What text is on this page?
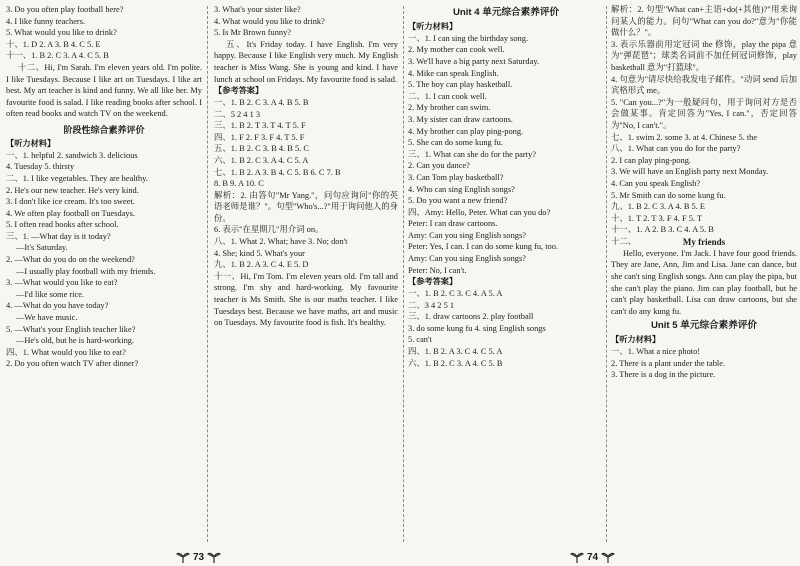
3. Do you often play football here?
4. I like funny teachers.
5. What would you like to drink?
十、1. D 2. A 3. B 4. C 5. E
十一、1. B 2. C 3. A 4. C 5. B

十二、Hi, I'm Sarah. I'm eleven years old. I'm polite. I like Tuesdays. Because I like art on Tuesdays. I like art best. My art teacher is kind and funny. We all like her. My favourite food is salad. I like reading books after school. I often read books and watch TV on the weekend.

阶段性综合素养评价
【听力材料】
一、1. helpful 2. sandwich 3. delicious
4. Tuesday 5. thirsty
二、1. I like vegetables. They are healthy.
2. He's our new teacher. He's very kind.
3. I don't like ice cream. It's too sweet.
4. We often play football on Tuesdays.
5. I often read books after school.
三、1. —What day is it today?
—It's Saturday.
2. —What do you do on the weekend?
—I usually play football with my friends.
3. —What would you like to eat?
—I'd like some rice.
4. —What do you have today?
—We have music.
5. —What's your English teacher like?
—He's old, but he is hard-working.
四、1. What would you like to eat?
2. Do you often watch TV after dinner?
3. What's your sister like?
4. What would you like to drink?
5. Is Mr Brown funny?

五、It's Friday today. I have English. I'm very happy. Because I like English very much. My English teacher is Miss Wang. She is young and kind. I have lunch at school on Fridays. My favourite food is salad.

【参考答案】
一、1. B 2. C 3. A 4. B 5. B
二、5 2 4 1 3
三、1. B 2. T 3. T 4. T 5. F
四、1. F 2. F 3. F 4. T 5. F
五、1. B 2. C 3. B 4. B 5. C
六、1. B 2. C 3. A 4. C 5. A
七、1. B 2. A 3. B 4. C 5. B 6. C 7. B
8. B 9. A 10. C

解析：2. 由答句"Mr Yang."，问句应询问"你的英语老师是谁？"。句型"Who's...?"用于询问他人的身份。

6. 表示"在星期几"用介词 on。

八、1. What 2. What; have 3. No; don't
4. She; kind 5. What's your
九、1. B 2. A 3. C 4. E 5. D

十一、Hi, I'm Tom. I'm eleven years old. I'm tall and strong. I'm shy and hard-working. My favourite teacher is Ms Smith. She is our maths teacher. I like Tuesdays best. Because we have maths, art and music on Tuesdays. My favourite food is fish. It's healthy.

Unit 4 单元综合素养评价
【听力材料】
一、1. I can sing the birthday song.
2. My mother can cook well.
3. We'll have a big party next Saturday.
4. Mike can speak English.
5. The boy can play basketball.
二、1. I can cook well.
2. My brother can swim.
3. My sister can draw cartoons.
4. My brother can play ping-pong.
5. She can do some kung fu.
三、1. What can she do for the party?
2. Can you dance?
3. Can Tom play basketball?
4. Who can sing English songs?
5. Do you want a new friend?
四、Amy: Hello, Peter. What can you do?
Peter: I can draw cartoons.
Amy: Can you sing English songs?
Peter: Yes, I can. I can do some kung fu, too.
Amy: Can you sing English songs?
Peter: No, I can't.
【参考答案】
一、1. B 2. C 3. C 4. A 5. A
二、3 4 2 5 1
三、1. draw cartoons 2. play football
3. do some kung fu 4. sing English songs
5. can't
四、1. B 2. A 3. C 4. C 5. A
六、1. B 2. C 3. A 4. C 5. B

解析：2. 句型"What can+主语+do(+其他)?"用来询问某人的能力。问句"What can you do?"意为"你能做什么？"。

3. 表示乐器前用定冠词 the 修饰，play the pipa 意为"弹琵琶"；球类名词前不加任何冠词修饰，play basketball 意为"打篮球"。

4. 句意为"请尽快给我发电子邮件。"动词 send 后加宾格形式 me。

5. "Can you...?"为一般疑问句，用于询问对方是否会做某事。肯定回答为"Yes, I can."，否定回答为"No, I can't."。

七、1. swim 2. some 3. at 4. Chinese 5. the
八、1. What can you do for the party?
2. I can play ping-pong.
3. We will have an English party next Monday.
4. Can you speak English?
5. Mr Smith can do some kung fu.
九、1. B 2. C 3. A 4. B 5. E
十、1. T 2. T 3. F 4. F 5. T
十一、1. A 2. B 3. C 4. A 5. B
十二、	My friends

Hello, everyone. I'm Jack. I have four good friends. They are Jane, Ann, Jim and Lisa. Jane can dance, but she can't sing English songs. Ann can play the pipa, but she can't play the piano. Jim can play football, but he can't play basketball. Lisa can draw cartoons, but she can't do any kung fu.

Unit 5 单元综合素养评价
【听力材料】
一、1. What a nice photo!
2. There is a plant under the table.
3. There is a dog in the picture.
73	74
